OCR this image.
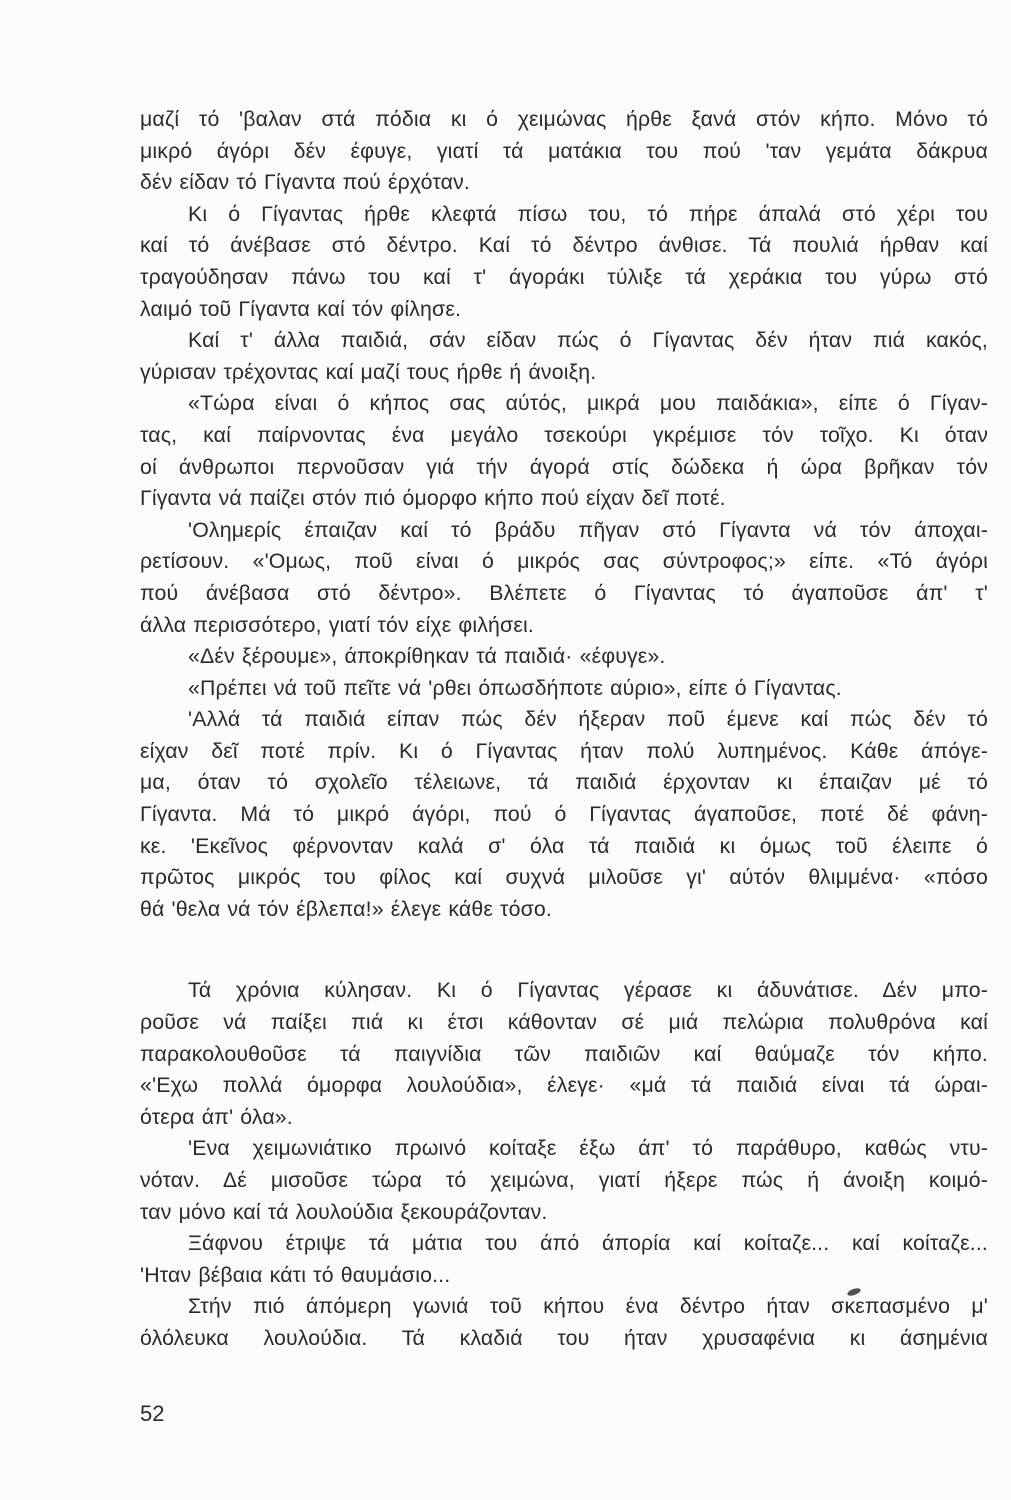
μαζί τό 'βαλαν στά πόδια κι ό χειμώνας ήρθε ξανά στόν κήπο. Μόνο τό
μικρό άγόρι δέν έφυγε, γιατί τά ματάκια του πού 'ταν γεμάτα δάκρυα
δέν είδαν τό Γίγαντα πού έρχόταν.
Κι ό Γίγαντας ήρθε κλεφτά πίσω του, τό πήρε άπαλά στό χέρι του
καί τό άνέβασε στό δέντρο. Καί τό δέντρο άνθισε. Τά πουλιά ήρθαν καί
τραγούδησαν πάνω του καί τ' άγοράκι τύλιξε τά χεράκια του γύρω στό
λαιμό τοῦ Γίγαντα καί τόν φίλησε.
Καί τ' άλλα παιδιά, σάν είδαν πώς ό Γίγαντας δέν ήταν πιά κακός,
γύρισαν τρέχοντας καί μαζί τους ήρθε ή άνοιξη.
«Τώρα είναι ό κήπος σας αύτός, μικρά μου παιδάκια», είπε ό Γίγαν-
τας, καί παίρνοντας ένα μεγάλο τσεκούρι γκρέμισε τόν τοῖχο. Κι όταν
οί άνθρωποι περνοῦσαν γιά τήν άγορά στίς δώδεκα ή ώρα βρῆκαν τόν
Γίγαντα νά παίζει στόν πιό όμορφο κήπο πού είχαν δεῖ ποτέ.
'Ολημερίς έπαιζαν καί τό βράδυ πῆγαν στό Γίγαντα νά τόν άποχαι-
ρετίσουν. «'Ομως, ποῦ είναι ό μικρός σας σύντροφος;» είπε. «Τό άγόρι
πού άνέβασα στό δέντρο». Βλέπετε ό Γίγαντας τό άγαποῦσε άπ' τ'
άλλα περισσότερο, γιατί τόν είχε φιλήσει.
«Δέν ξέρουμε», άποκρίθηκαν τά παιδιά· «έφυγε».
«Πρέπει νά τοῦ πεῖτε νά 'ρθει όπωσδήποτε αύριο», είπε ό Γίγαντας.
'Αλλά τά παιδιά είπαν πώς δέν ήξεραν ποῦ έμενε καί πώς δέν τό
είχαν δεῖ ποτέ πρίν. Κι ό Γίγαντας ήταν πολύ λυπημένος. Κάθε άπόγε-
μα, όταν τό σχολεῖο τέλειωνε, τά παιδιά έρχονταν κι έπαιζαν μέ τό
Γίγαντα. Μά τό μικρό άγόρι, πού ό Γίγαντας άγαποῦσε, ποτέ δέ φάνη-
κε. 'Εκεῖνος φέρνονταν καλά σ' όλα τά παιδιά κι όμως τοῦ έλειπε ό
πρῶτος μικρός του φίλος καί συχνά μιλοῦσε γι' αύτόν θλιμμένα· «πόσο
θά 'θελα νά τόν έβλεπα!» έλεγε κάθε τόσο.
Τά χρόνια κύλησαν. Κι ό Γίγαντας γέρασε κι άδυνάτισε. Δέν μπο-
ροῦσε νά παίξει πιά κι έτσι κάθονταν σέ μιά πελώρια πολυθρόνα καί
παρακολουθοῦσε τά παιγνίδια τῶν παιδιῶν καί θαύμαζε τόν κήπο.
«'Εχω πολλά όμορφα λουλούδια», έλεγε· «μά τά παιδιά είναι τά ώραι-
ότερα άπ' όλα».
'Ενα χειμωνιάτικο πρωινό κοίταξε έξω άπ' τό παράθυρο, καθώς ντυ-
νόταν. Δέ μισοῦσε τώρα τό χειμώνα, γιατί ήξερε πώς ή άνοιξη κοιμό-
ταν μόνο καί τά λουλούδια ξεκουράζονταν.
Ξάφνου έτριψε τά μάτια του άπό άπορία καί κοίταζε... καί κοίταζε...
'Ηταν βέβαια κάτι τό θαυμάσιο...
Στήν πιό άπόμερη γωνιά τοῦ κήπου ένα δέντρο ήταν σκεπασμένο μ'
όλόλευκα λουλούδια. Τά κλαδιά του ήταν χρυσαφένια κι άσημένια
52
